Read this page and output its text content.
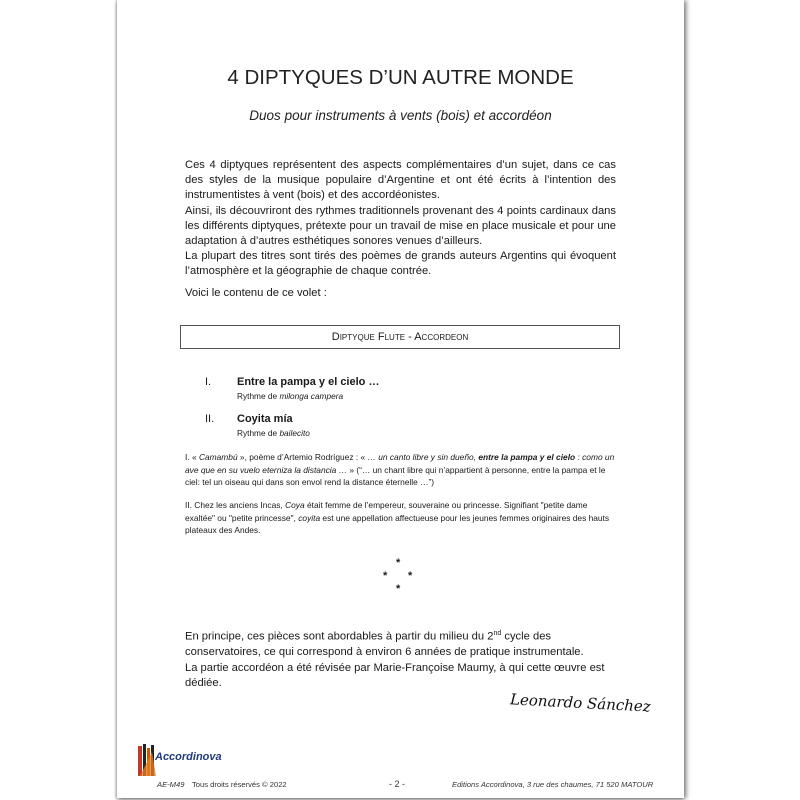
4 DIPTYQUES D’UN AUTRE MONDE
Duos pour instruments à vents (bois) et accordéon

Ces 4 diptyques représentent des aspects complémentaires d’un sujet, dans ce cas des styles de la musique populaire d’Argentine et ont été écrits à l’intention des instrumentistes à vent (bois) et des accordéonistes.

Ainsi, ils découvriront des rythmes traditionnels provenant des 4 points cardinaux dans les différents diptyques, prétexte pour un travail de mise en place musicale et pour une adaptation à d’autres esthétiques sonores venues d’ailleurs.

La plupart des titres sont tirés des poèmes de grands auteurs Argentins qui évoquent l’atmosphère et la géographie de chaque contrée.

Voici le contenu de ce volet :
Diptyque Flute - Accordeon
I. Entre la pampa y el cielo …
Rythme de milonga campera
II. Coyita mía
Rythme de bailecito

I. « Camambú », poème d’Artemio Rodríguez : « … un canto libre y sin dueño, entre la pampa y el cielo : como un ave que en su vuelo eterniza la distancia … » (“… un chant libre qui n’appartient à personne, entre la pampa et le ciel: tel un oiseau qui dans son envol rend la distance éternelle …”)

II. Chez les anciens Incas, Coya était femme de l’empereur, souveraine ou princesse. Signifiant "petite dame exaltée" ou "petite princesse", coyita est une appellation affectueuse pour les jeunes femmes originaires des hauts plateaux des Andes.

*
* *
*

En principe, ces pièces sont abordables à partir du milieu du 2nd cycle des conservatoires, ce qui correspond à environ 6 années de pratique instrumentale.

La partie accordéon a été révisée par Marie-Françoise Maumy, à qui cette œuvre est dédiée.

Leonardo Sánchez
Accordinova
AE-M49 Tous droits réservés © 2022	- 2 -	Editions Accordinova, 3 rue des chaumes, 71 520 MATOUR
